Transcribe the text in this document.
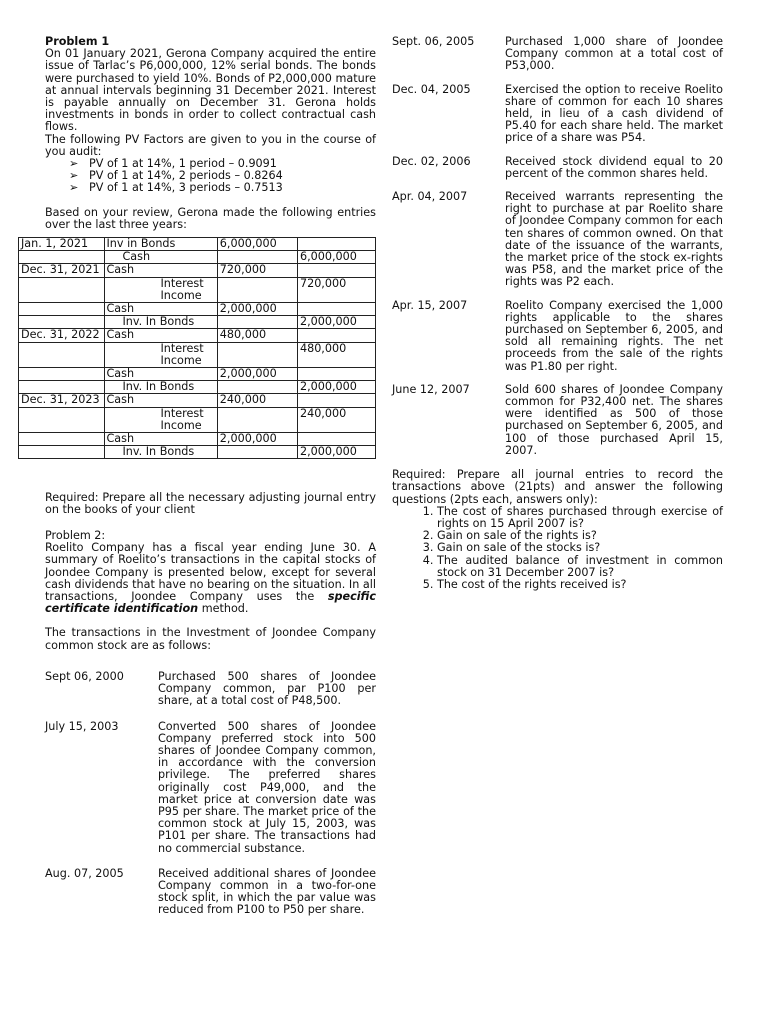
Problem 1
On 01 January 2021, Gerona Company acquired the entire issue of Tarlac’s P6,000,000, 12% serial bonds. The bonds were purchased to yield 10%. Bonds of P2,000,000 mature at annual intervals beginning 31 December 2021. Interest is payable annually on December 31. Gerona holds investments in bonds in order to collect contractual cash flows.
The following PV Factors are given to you in the course of you audit:
➢ PV of 1 at 14%, 1 period – 0.9091
➢ PV of 1 at 14%, 2 periods – 0.8264
➢ PV of 1 at 14%, 3 periods – 0.7513
Based on your review, Gerona made the following entries over the last three years:
Jan. 1, 2021	Inv in Bonds	6,000,000	
	Cash		6,000,000
Dec. 31, 2021	Cash	720,000	
	Interest Income		720,000
	Cash	2,000,000	
	Inv. In Bonds		2,000,000
Dec. 31, 2022	Cash	480,000	
	Interest Income		480,000
	Cash	2,000,000	
	Inv. In Bonds		2,000,000
Dec. 31, 2023	Cash	240,000	
	Interest Income		240,000
	Cash	2,000,000	
	Inv. In Bonds		2,000,000
Required: Prepare all the necessary adjusting journal entry on the books of your client
Problem 2:
Roelito Company has a fiscal year ending June 30. A summary of Roelito’s transactions in the capital stocks of Joondee Company is presented below, except for several cash dividends that have no bearing on the situation. In all transactions, Joondee Company uses the specific certificate identification method.
The transactions in the Investment of Joondee Company common stock are as follows:
Sept 06, 2000	Purchased 500 shares of Joondee Company common, par P100 per share, at a total cost of P48,500.
July 15, 2003	Converted 500 shares of Joondee Company preferred stock into 500 shares of Joondee Company common, in accordance with the conversion privilege. The preferred shares originally cost P49,000, and the market price at conversion date was P95 per share. The market price of the common stock at July 15, 2003, was P101 per share. The transactions had no commercial substance.
Aug. 07, 2005	Received additional shares of Joondee Company common in a two-for-one stock split, in which the par value was reduced from P100 to P50 per share.
Sept. 06, 2005	Purchased 1,000 share of Joondee Company common at a total cost of P53,000.
Dec. 04, 2005	Exercised the option to receive Roelito share of common for each 10 shares held, in lieu of a cash dividend of P5.40 for each share held. The market price of a share was P54.
Dec. 02, 2006	Received stock dividend equal to 20 percent of the common shares held.
Apr. 04, 2007	Received warrants representing the right to purchase at par Roelito share of Joondee Company common for each ten shares of common owned. On that date of the issuance of the warrants, the market price of the stock ex-rights was P58, and the market price of the rights was P2 each.
Apr. 15, 2007	Roelito Company exercised the 1,000 rights applicable to the shares purchased on September 6, 2005, and sold all remaining rights. The net proceeds from the sale of the rights was P1.80 per right.
June 12, 2007	Sold 600 shares of Joondee Company common for P32,400 net. The shares were identified as 500 of those purchased on September 6, 2005, and 100 of those purchased April 15, 2007.
Required: Prepare all journal entries to record the transactions above (21pts) and answer the following questions (2pts each, answers only):
1. The cost of shares purchased through exercise of rights on 15 April 2007 is?
2. Gain on sale of the rights is?
3. Gain on sale of the stocks is?
4. The audited balance of investment in common stock on 31 December 2007 is?
5. The cost of the rights received is?
